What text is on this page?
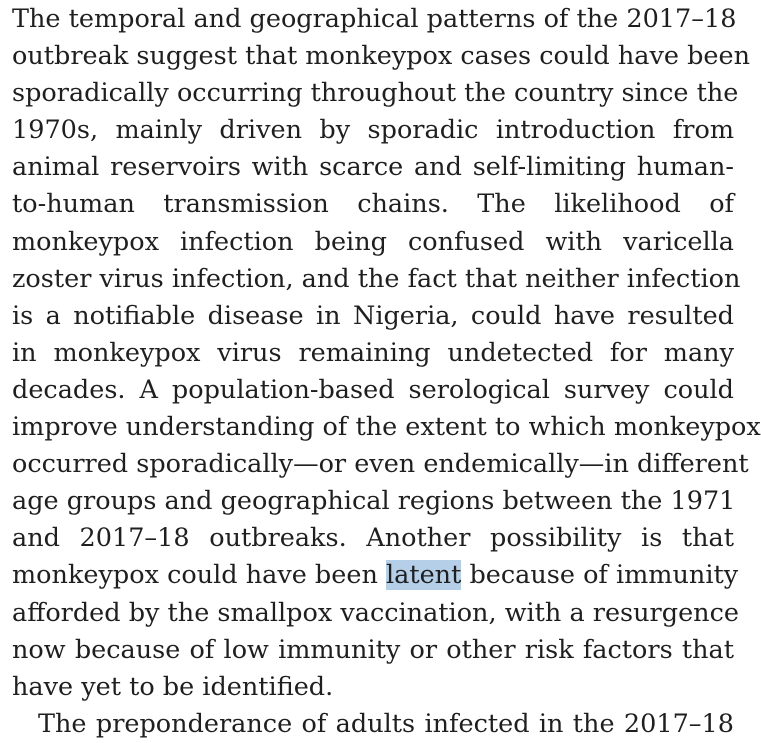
The temporal and geographical patterns of the 2017–18
outbreak suggest that monkeypox cases could have been
sporadically occurring throughout the country since the
1970s, mainly driven by sporadic introduction from
animal reservoirs with scarce and self-limiting human-
to-human transmission chains. The likelihood of
monkeypox infection being confused with varicella
zoster virus infection, and the fact that neither infection
is a notifiable disease in Nigeria, could have resulted
in monkeypox virus remaining undetected for many
decades. A population-based serological survey could
improve understanding of the extent to which monkeypox
occurred sporadically—or even endemically—in different
age groups and geographical regions between the 1971
and 2017–18 outbreaks. Another possibility is that
monkeypox could have been latent because of immunity
afforded by the smallpox vaccination, with a resurgence
now because of low immunity or other risk factors that
have yet to be identified.
The preponderance of adults infected in the 2017–18
